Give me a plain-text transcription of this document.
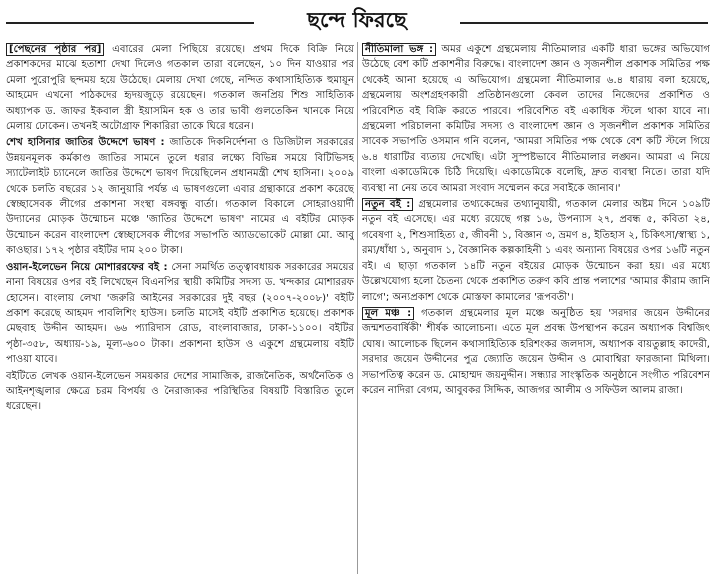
ছন্দে ফিরছে

[পেছনের পৃষ্ঠার পর] এবারের মেলা পিছিয়ে রয়েছে। প্রথম দিকে বিক্রি নিয়ে প্রকাশকদের মাঝে হতাশা দেখা দিলেও গতকাল তারা বলেছেন, ১০ দিন যাওয়ার পর মেলা পুরোপুরি ছন্দময় হয়ে উঠেছে। মেলায় দেখা গেছে, নন্দিত কথাসাহিত্যিক হুমায়ূন আহমেদ এখনো পাঠকদের হৃদয়জুড়ে রয়েছেন। গতকাল জনপ্রিয় শিশু সাহিত্যিক অধ্যাপক ড. জাফর ইকবাল স্ত্রী ইয়াসমিন হক ও তার ভাবী গুলতেকিন খানকে নিয়ে মেলায় ঢোকেন। তখনই অটোগ্রাফ শিকারিরা তাকে ঘিরে ধরেন।

শেখ হাসিনার জাতির উদ্দেশে ভাষণ : জাতিকে দিকনির্দেশনা ও ডিজিটাল সরকারের উন্নয়নমূলক কর্মকাণ্ড জাতির সামনে তুলে ধরার লক্ষ্যে বিভিন্ন সময়ে বিটিভিসহ স্যাটেলাইট চ্যানেলে জাতির উদ্দেশে ভাষণ দিয়েছিলেন প্রধানমন্ত্রী শেখ হাসিনা। ২০০৯ থেকে চলতি বছরের ১২ জানুয়ারি পর্যন্ত এ ভাষণগুলো এবার গ্রন্থাকারে প্রকাশ করেছে স্বেচ্ছাসেবক লীগের প্রকাশনা সংস্থা বঙ্গবন্ধু বার্তা। গতকাল বিকালে সোহরাওয়ার্দী উদ্যানের মোড়ক উন্মোচন মঞ্চে 'জাতির উদ্দেশে ভাষণ' নামের এ বইটির মোড়ক উন্মোচন করেন বাংলাদেশ স্বেচ্ছাসেবক লীগের সভাপতি অ্যাডভোকেট মোল্লা মো. আবু কাওছার। ১৭২ পৃষ্ঠার বইটির দাম ২০০ টাকা।

ওয়ান-ইলেভেন নিয়ে মোশাররফের বই : সেনা সমর্থিত তত্ত্বাবধায়ক সরকারের সময়ের নানা বিষয়ের ওপর বই লিখেছেন বিএনপির স্থায়ী কমিটির সদস্য ড. খন্দকার মোশাররফ হোসেন। বাংলায় লেখা 'জরুরি আইনের সরকারের দুই বছর (২০০৭-২০০৮)' বইটি প্রকাশ করেছে আহমদ পাবলিশিং হাউস। চলতি মাসেই বইটি প্রকাশিত হয়েছে। প্রকাশক মেছবাহ উদ্দীন আহমদ। ৬৬ প্যারিদাস রোড, বাংলাবাজার, ঢাকা-১১০০। বইটির পৃষ্ঠা-৩৫৮, অধ্যায়-১৯, মূল্য-৬০০ টাকা। প্রকাশনা হাউস ও একুশে গ্রন্থমেলায় বইটি পাওয়া যাবে।

বইটিতে লেখক ওয়ান-ইলেভেন সময়কার দেশের সামাজিক, রাজনৈতিক, অর্থনৈতিক ও আইনশৃঙ্খলার ক্ষেত্রে চরম বিপর্যয় ও নৈরাজ্যকর পরিস্থিতির বিষয়টি বিস্তারিত তুলে ধরেছেন।

নীতিমালা ভঙ্গ : অমর একুশে গ্রন্থমেলায় নীতিমালার একটি ধারা ভঙ্গের অভিযোগ উঠেছে বেশ কটি প্রকাশনীর বিরুদ্ধে। বাংলাদেশ জ্ঞান ও সৃজনশীল প্রকাশক সমিতির পক্ষ থেকেই আনা হয়েছে এ অভিযোগ। গ্রন্থমেলা নীতিমালার ৬.৪ ধারায় বলা হয়েছে, গ্রন্থমেলায় অংশগ্রহণকারী প্রতিষ্ঠানগুলো কেবল তাদের নিজেদের প্রকাশিত ও পরিবেশিত বই বিক্রি করতে পারবে। পরিবেশিত বই একাধিক স্টলে থাকা যাবে না। গ্রন্থমেলা পরিচালনা কমিটির সদস্য ও বাংলাদেশ জ্ঞান ও সৃজনশীল প্রকাশক সমিতির সাবেক সভাপতি ওসমান গনি বলেন, 'আমরা সমিতির পক্ষ থেকে বেশ কটি স্টলে গিয়ে ৬.৪ ধারাটির ব্যত্যয় দেখেছি। এটা সুস্পষ্টভাবে নীতিমালার লঙ্ঘন। আমরা এ নিয়ে বাংলা একাডেমিকে চিঠি দিয়েছি। একাডেমিকে বলেছি, দ্রুত ব্যবস্থা নিতে। তারা যদি ব্যবস্থা না নেয় তবে আমরা সংবাদ সম্মেলন করে সবাইকে জানাব।'

নতুন বই : গ্রন্থমেলার তথ্যকেন্দ্রের তথ্যানুযায়ী, গতকাল মেলার অষ্টম দিনে ১০৯টি নতুন বই এসেছে। এর মধ্যে রয়েছে গল্প ১৬, উপন্যাস ২৭, প্রবন্ধ ৫, কবিতা ২৪, গবেষণা ২, শিশুসাহিত্য ৫, জীবনী ১, বিজ্ঞান ৩, ভ্রমণ ৪, ইতিহাস ২, চিকিৎসা/স্বাস্থ্য ১, রম্য/ধাঁধা ১, অনুবাদ ১, বৈজ্ঞানিক কল্পকাহিনী ১ এবং অন্যান্য বিষয়ের ওপর ১৬টি নতুন বই। এ ছাড়া গতকাল ১৪টি নতুন বইয়ের মোড়ক উন্মোচন করা হয়। এর মধ্যে উল্লেখযোগ্য হলো চৈতন্য থেকে প্রকাশিত তরুণ কবি প্রান্ত পলাশের 'আমার কীরাম জানি লাগে'; অন্যপ্রকাশ থেকে মোস্তফা কামালের 'রূপবতী'।

মূল মঞ্চ : গতকাল গ্রন্থমেলার মূল মঞ্চে অনুষ্ঠিত হয় 'সরদার জয়েন উদ্দীনের জন্মশতবার্ষিকী' শীর্ষক আলোচনা। এতে মূল প্রবন্ধ উপস্থাপন করেন অধ্যাপক বিশ্বজিৎ ঘোষ। আলোচক ছিলেন কথাসাহিত্যিক হরিশংকর জলদাস, অধ্যাপক বায়তুল্লাহ কাদেরী, সরদার জয়েন উদ্দীনের পুত্র জ্যোতি জয়েন উদ্দীন ও মোবাশ্বিরা ফারজানা মিথিলা। সভাপতিত্ব করেন ড. মোহাম্মদ জয়নুদ্দীন। সন্ধ্যার সাংস্কৃতিক অনুষ্ঠানে সংগীত পরিবেশন করেন নাদিরা বেগম, আবুবকর সিদ্দিক, আজগর আলীম ও সফিউল আলম রাজা।
